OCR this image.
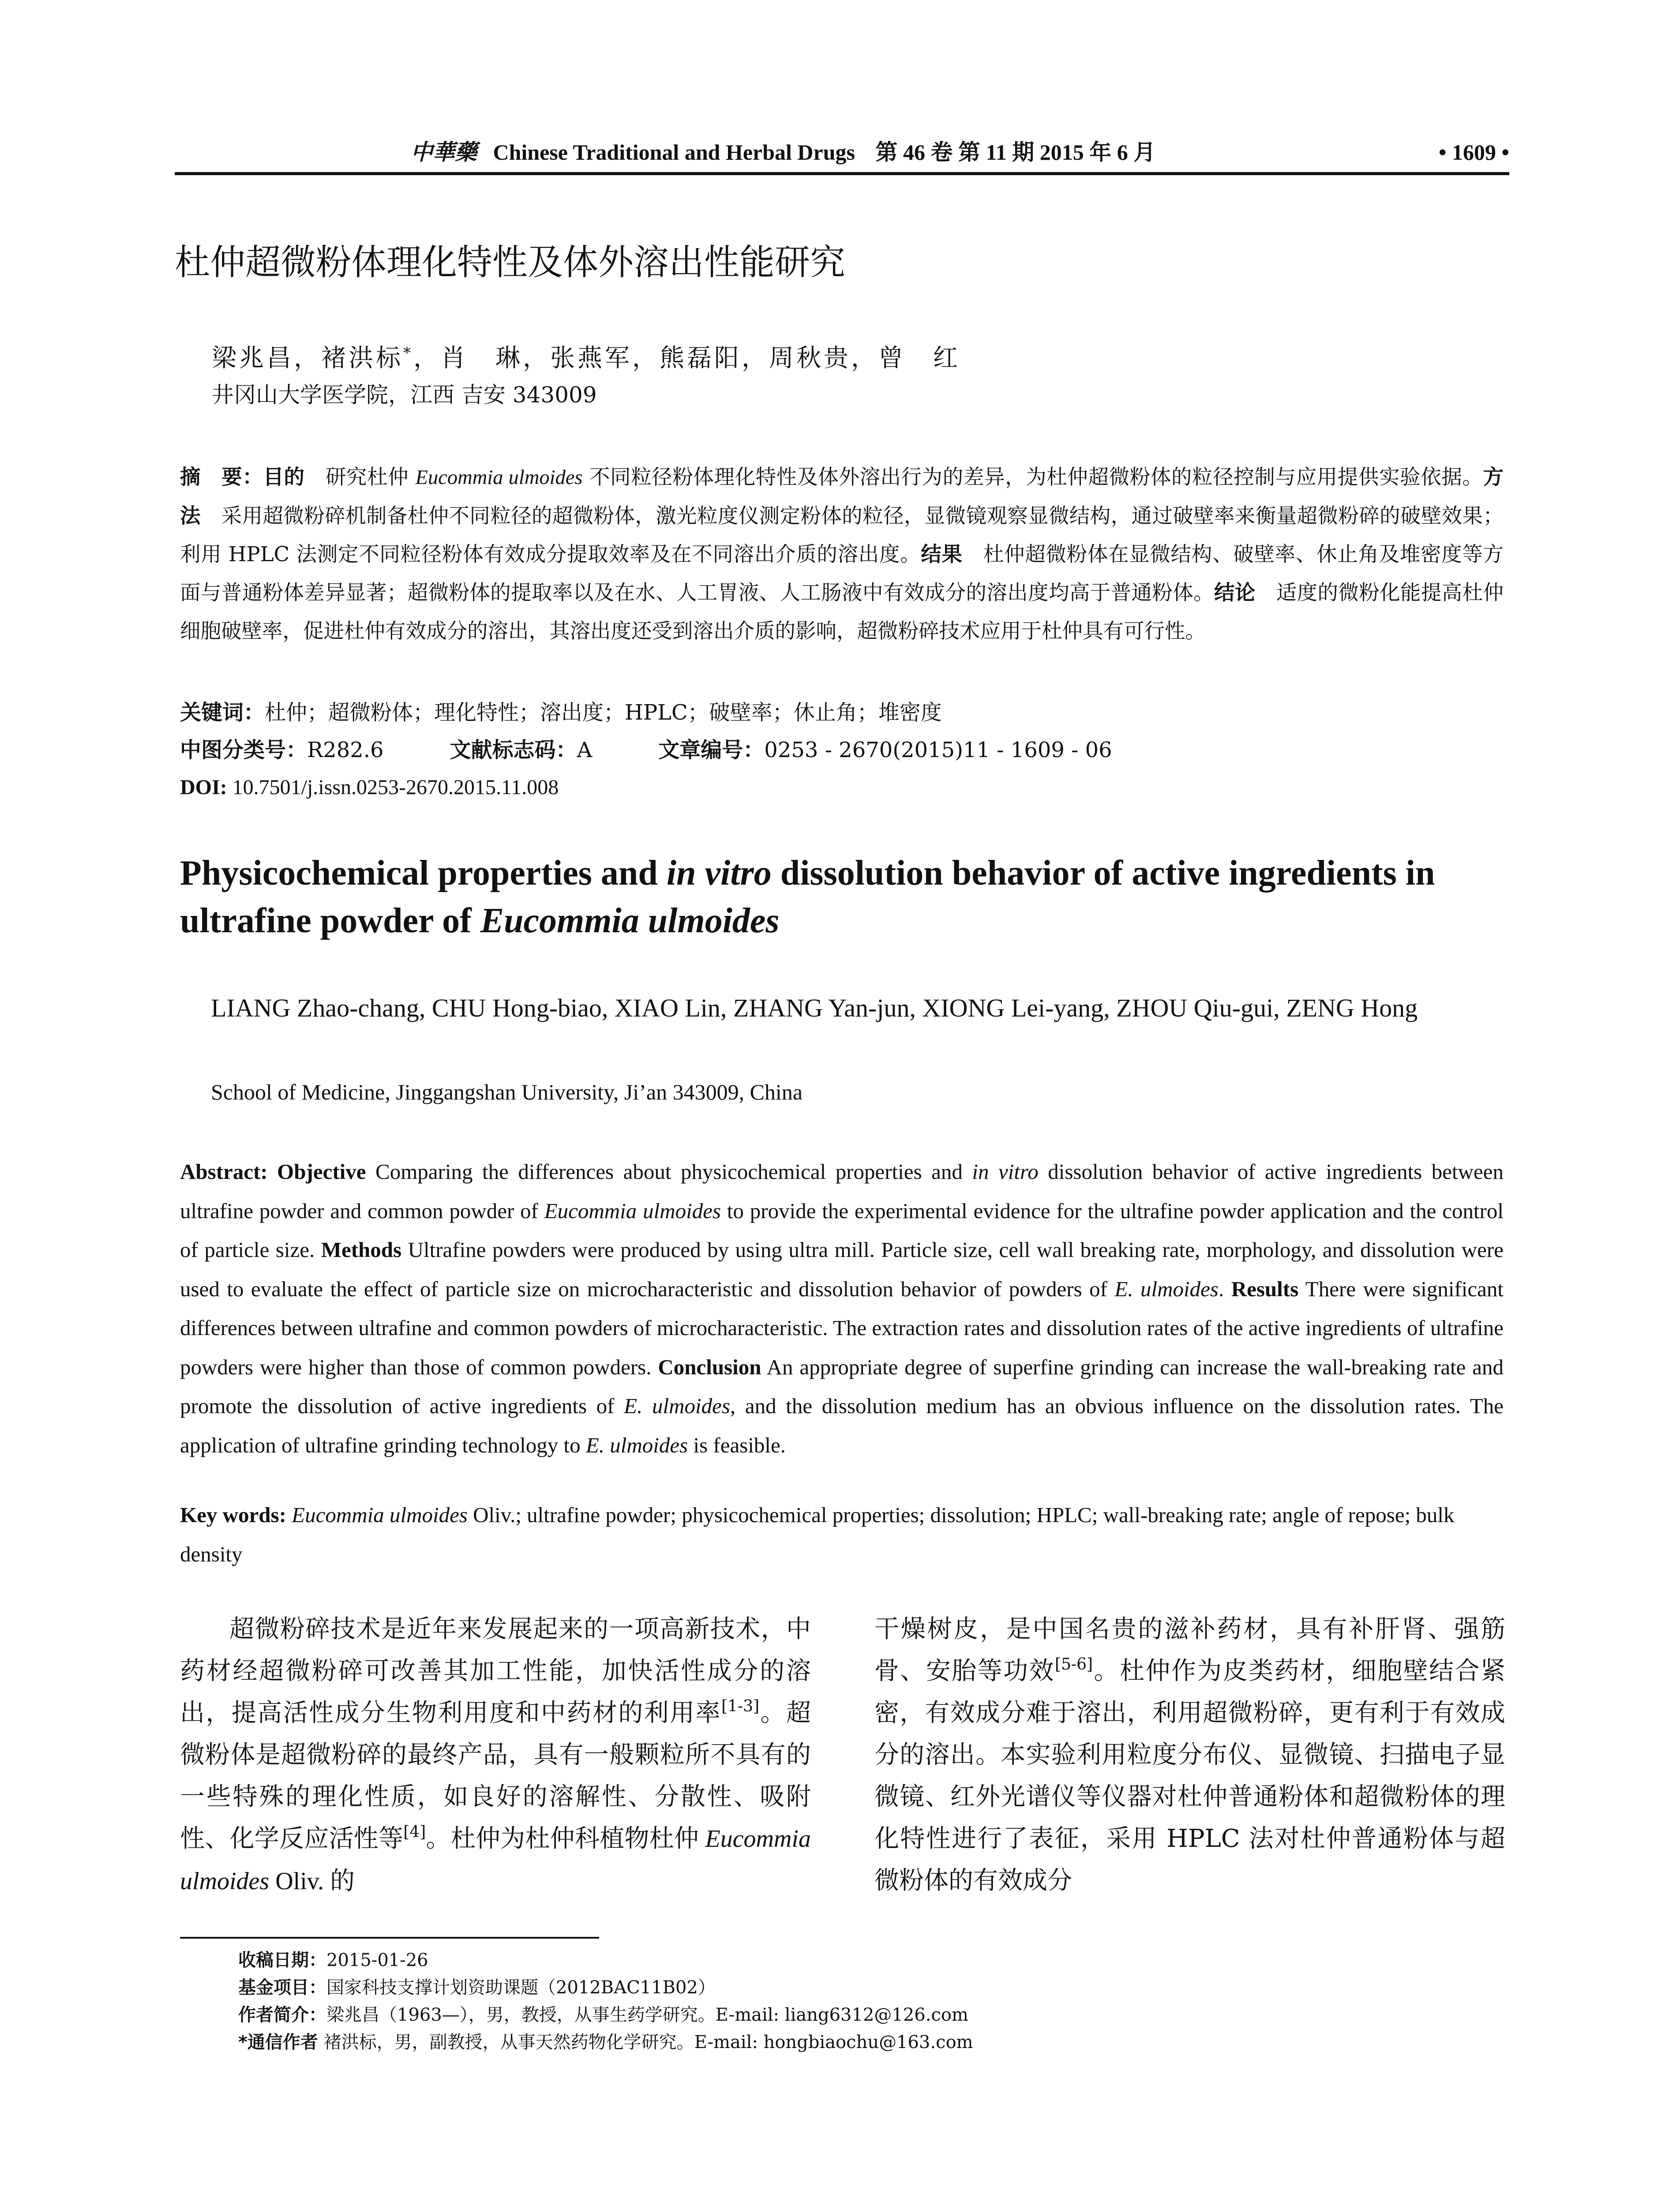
中華藥 Chinese Traditional and Herbal Drugs 第 46 卷 第 11 期 2015 年 6 月	• 1609 •
杜仲超微粉体理化特性及体外溶出性能研究
梁兆昌，褚洪标*，肖　琳，张燕军，熊磊阳，周秋贵，曾　红
井冈山大学医学院，江西 吉安 343009
摘　要：目的　研究杜仲 Eucommia ulmoides 不同粒径粉体理化特性及体外溶出行为的差异，为杜仲超微粉体的粒径控制与应用提供实验依据。方法　采用超微粉碎机制备杜仲不同粒径的超微粉体，激光粒度仪测定粉体的粒径，显微镜观察显微结构，通过破壁率来衡量超微粉碎的破壁效果；利用 HPLC 法测定不同粒径粉体有效成分提取效率及在不同溶出介质的溶出度。结果　杜仲超微粉体在显微结构、破壁率、休止角及堆密度等方面与普通粉体差异显著；超微粉体的提取率以及在水、人工胃液、人工肠液中有效成分的溶出度均高于普通粉体。结论　适度的微粉化能提高杜仲细胞破壁率，促进杜仲有效成分的溶出，其溶出度还受到溶出介质的影响，超微粉碎技术应用于杜仲具有可行性。
关键词：杜仲；超微粉体；理化特性；溶出度；HPLC；破壁率；休止角；堆密度
中图分类号：R282.6	文献标志码：A	文章编号：0253 - 2670(2015)11 - 1609 - 06
DOI: 10.7501/j.issn.0253-2670.2015.11.008
Physicochemical properties and in vitro dissolution behavior of active ingredients in ultrafine powder of Eucommia ulmoides
LIANG Zhao-chang, CHU Hong-biao, XIAO Lin, ZHANG Yan-jun, XIONG Lei-yang, ZHOU Qiu-gui, ZENG Hong
School of Medicine, Jinggangshan University, Ji’an 343009, China
Abstract: Objective Comparing the differences about physicochemical properties and in vitro dissolution behavior of active ingredients between ultrafine powder and common powder of Eucommia ulmoides to provide the experimental evidence for the ultrafine powder application and the control of particle size. Methods Ultrafine powders were produced by using ultra mill. Particle size, cell wall breaking rate, morphology, and dissolution were used to evaluate the effect of particle size on microcharacteristic and dissolution behavior of powders of E. ulmoides. Results There were significant differences between ultrafine and common powders of microcharacteristic. The extraction rates and dissolution rates of the active ingredients of ultrafine powders were higher than those of common powders. Conclusion An appropriate degree of superfine grinding can increase the wall-breaking rate and promote the dissolution of active ingredients of E. ulmoides, and the dissolution medium has an obvious influence on the dissolution rates. The application of ultrafine grinding technology to E. ulmoides is feasible.
Key words: Eucommia ulmoides Oliv.; ultrafine powder; physicochemical properties; dissolution; HPLC; wall-breaking rate; angle of repose; bulk density
超微粉碎技术是近年来发展起来的一项高新技术，中药材经超微粉碎可改善其加工性能，加快活性成分的溶出，提高活性成分生物利用度和中药材的利用率[1-3]。超微粉体是超微粉碎的最终产品，具有一般颗粒所不具有的一些特殊的理化性质，如良好的溶解性、分散性、吸附性、化学反应活性等[4]。杜仲为杜仲科植物杜仲 Eucommia ulmoides Oliv. 的
干燥树皮，是中国名贵的滋补药材，具有补肝肾、强筋骨、安胎等功效[5-6]。杜仲作为皮类药材，细胞壁结合紧密，有效成分难于溶出，利用超微粉碎，更有利于有效成分的溶出。本实验利用粒度分布仪、显微镜、扫描电子显微镜、红外光谱仪等仪器对杜仲普通粉体和超微粉体的理化特性进行了表征，采用 HPLC 法对杜仲普通粉体与超微粉体的有效成分
收稿日期：2015-01-26
基金项目：国家科技支撑计划资助课题（2012BAC11B02）
作者简介：梁兆昌（1963—），男，教授，从事生药学研究。E-mail: liang6312@126.com
*通信作者 褚洪标，男，副教授，从事天然药物化学研究。E-mail: hongbiaochu@163.com
